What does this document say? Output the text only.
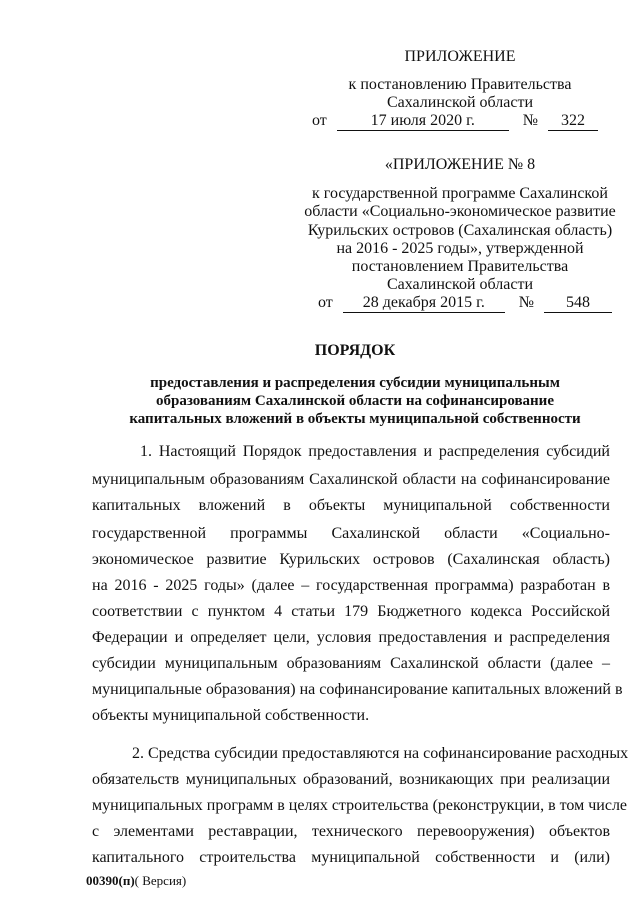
ПРИЛОЖЕНИЕ
к постановлению Правительства
Сахалинской области
от	17 июля 2020 г.	№ 322
«ПРИЛОЖЕНИЕ № 8
к государственной программе Сахалинской
области «Социально-экономическое развитие
Курильских островов (Сахалинская область)
на 2016 - 2025 годы», утвержденной
постановлением Правительства
Сахалинской области
от 28 декабря 2015 г. № 548
ПОРЯДОК
предоставления и распределения субсидии муниципальным
образованиям Сахалинской области на софинансирование
капитальных вложений в объекты муниципальной собственности
1. Настоящий Порядок предоставления и распределения субсидий
муниципальным образованиям Сахалинской области на софинансирование
капитальных вложений в объекты муниципальной собственности
государственной программы Сахалинской области «Социально-
экономическое развитие Курильских островов (Сахалинская область)
на 2016 - 2025 годы» (далее – государственная программа) разработан в
соответствии с пунктом 4 статьи 179 Бюджетного кодекса Российской
Федерации и определяет цели, условия предоставления и распределения
субсидии муниципальным образованиям Сахалинской области (далее –
муниципальные образования) на софинансирование капитальных вложений в
объекты муниципальной собственности.
2. Средства субсидии предоставляются на софинансирование расходных
обязательств муниципальных образований, возникающих при реализации
муниципальных программ в целях строительства (реконструкции, в том числе
с элементами реставрации, технического перевооружения) объектов
капитального строительства муниципальной собственности и (или)
00390(п)( Версия)
